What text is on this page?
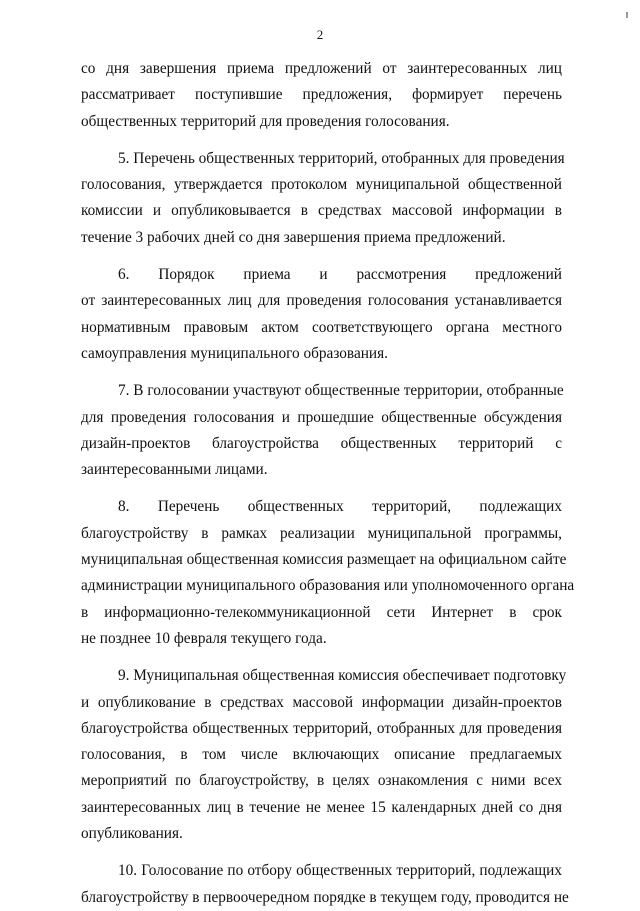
2
со дня завершения приема предложений от заинтересованных лиц
рассматривает поступившие предложения, формирует перечень
общественных территорий для проведения голосования.
5. Перечень общественных территорий, отобранных для проведения
голосования, утверждается протоколом муниципальной общественной
комиссии и опубликовывается в средствах массовой информации в
течение 3 рабочих дней со дня завершения приема предложений.
6. Порядок приема и рассмотрения предложений
от заинтересованных лиц для проведения голосования устанавливается
нормативным правовым актом соответствующего органа местного
самоуправления муниципального образования.
7. В голосовании участвуют общественные территории, отобранные
для проведения голосования и прошедшие общественные обсуждения
дизайн-проектов благоустройства общественных территорий с
заинтересованными лицами.
8. Перечень общественных территорий, подлежащих
благоустройству в рамках реализации муниципальной программы,
муниципальная общественная комиссия размещает на официальном сайте
администрации муниципального образования или уполномоченного органа
в информационно-телекоммуникационной сети Интернет в срок
не позднее 10 февраля текущего года.
9. Муниципальная общественная комиссия обеспечивает подготовку
и опубликование в средствах массовой информации дизайн-проектов
благоустройства общественных территорий, отобранных для проведения
голосования, в том числе включающих описание предлагаемых
мероприятий по благоустройству, в целях ознакомления с ними всех
заинтересованных лиц в течение не менее 15 календарных дней со дня
опубликования.
10. Голосование по отбору общественных территорий, подлежащих
благоустройству в первоочередном порядке в текущем году, проводится не
